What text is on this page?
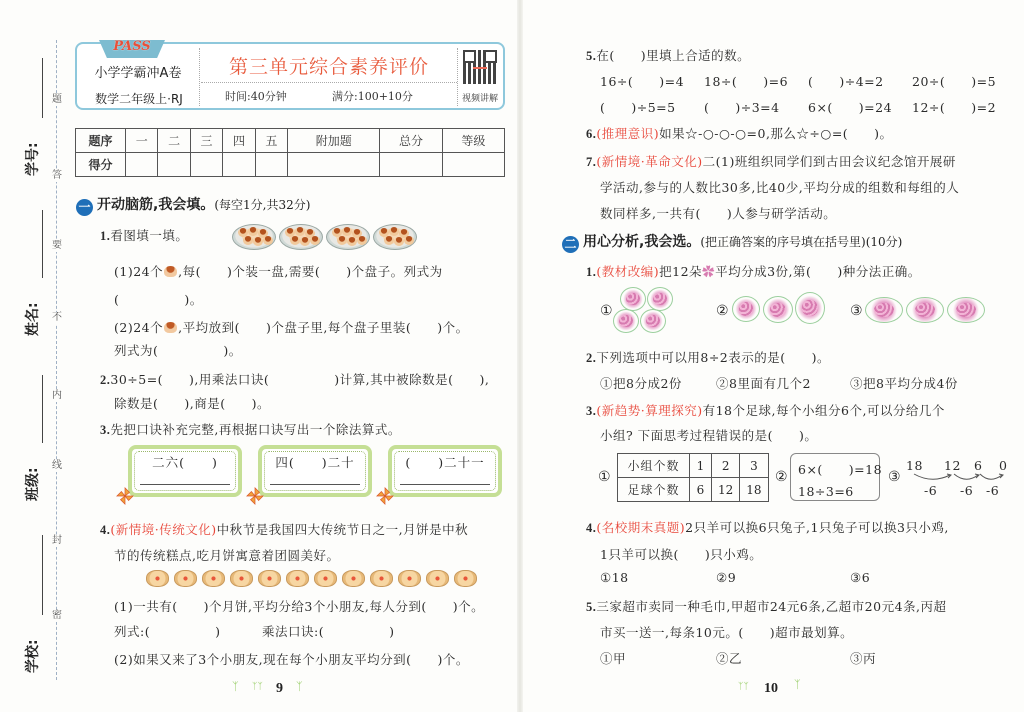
题
答
要
不
内
线
封
密
学号:
姓名:
班级:
学校:
PASS
小学学霸冲A卷
数学二年级上·RJ
第三单元综合素养评价
时间:40分钟	满分:100+10分	视频讲解
题序	一	二	三	四	五	附加题	总分	等级
得分								
一 开动脑筋,我会填。(每空1分,共32分)
1.看图填一填。
(1)24个 ,每(　　)个装一盘,需要(　　)个盘子。列式为
(　　　　　)。
(2)24个 ,平均放到(　　)个盘子里,每个盘子里装(　　)个。
列式为(　　　　　)。
2.30÷5=(　　),用乘法口诀(　　　　　)计算,其中被除数是(　　),
除数是(　　),商是(　　)。
3.先把口诀补充完整,再根据口诀写出一个除法算式。
二六(　　)	四(　　)二十	(　　)二十一
4.(新情境·传统文化)中秋节是我国四大传统节日之一,月饼是中秋
节的传统糕点,吃月饼寓意着团圆美好。
(1)一共有(　　)个月饼,平均分给3个小朋友,每人分到(　　)个。
列式:(　　　　　)	乘法口诀:(　　　　　)
(2)如果又来了3个小朋友,现在每个小朋友平均分到(　　)个。
ᛉ ᛉᛉ 9 ᛉ
5.在(　　)里填上合适的数。
16÷(　　)=4 18÷(　　)=6 (　　)÷4=2 20÷(　　)=5
(　　)÷5=5 (　　)÷3=4 6×(　　)=24 12÷(　　)=2
6.(推理意识)如果☆-○-○-○=0,那么☆÷○=(　　)。
7.(新情境·革命文化)二(1)班组织同学们到古田会议纪念馆开展研
学活动,参与的人数比30多,比40少,平均分成的组数和每组的人
数同样多,一共有(　　)人参与研学活动。
二 用心分析,我会选。(把正确答案的序号填在括号里)(10分)
1.(教材改编)把12朵✿平均分成3份,第(　　)种分法正确。
①	②	③
2.下列选项中可以用8÷2表示的是(　　)。
①把8分成2份	②8里面有几个2	③把8平均分成4份
3.(新趋势·算理探究)有18个足球,每个小组分6个,可以分给几个
小组? 下面思考过程错误的是(　　)。
①
小组个数	1	2	3
足球个数	6	12	18
② 6×(　　)=18
18÷3=6
③
18 12 6 0
-6 -6 -6
4.(名校期末真题)2只羊可以换6只兔子,1只兔子可以换3只小鸡,
1只羊可以换(　　)只小鸡。
①18	②9	③6
5.三家超市卖同一种毛巾,甲超市24元6条,乙超市20元4条,丙超
市买一送一,每条10元。(　　)超市最划算。
①甲	②乙	③丙
ᛉᛉ 10 ᛉ
